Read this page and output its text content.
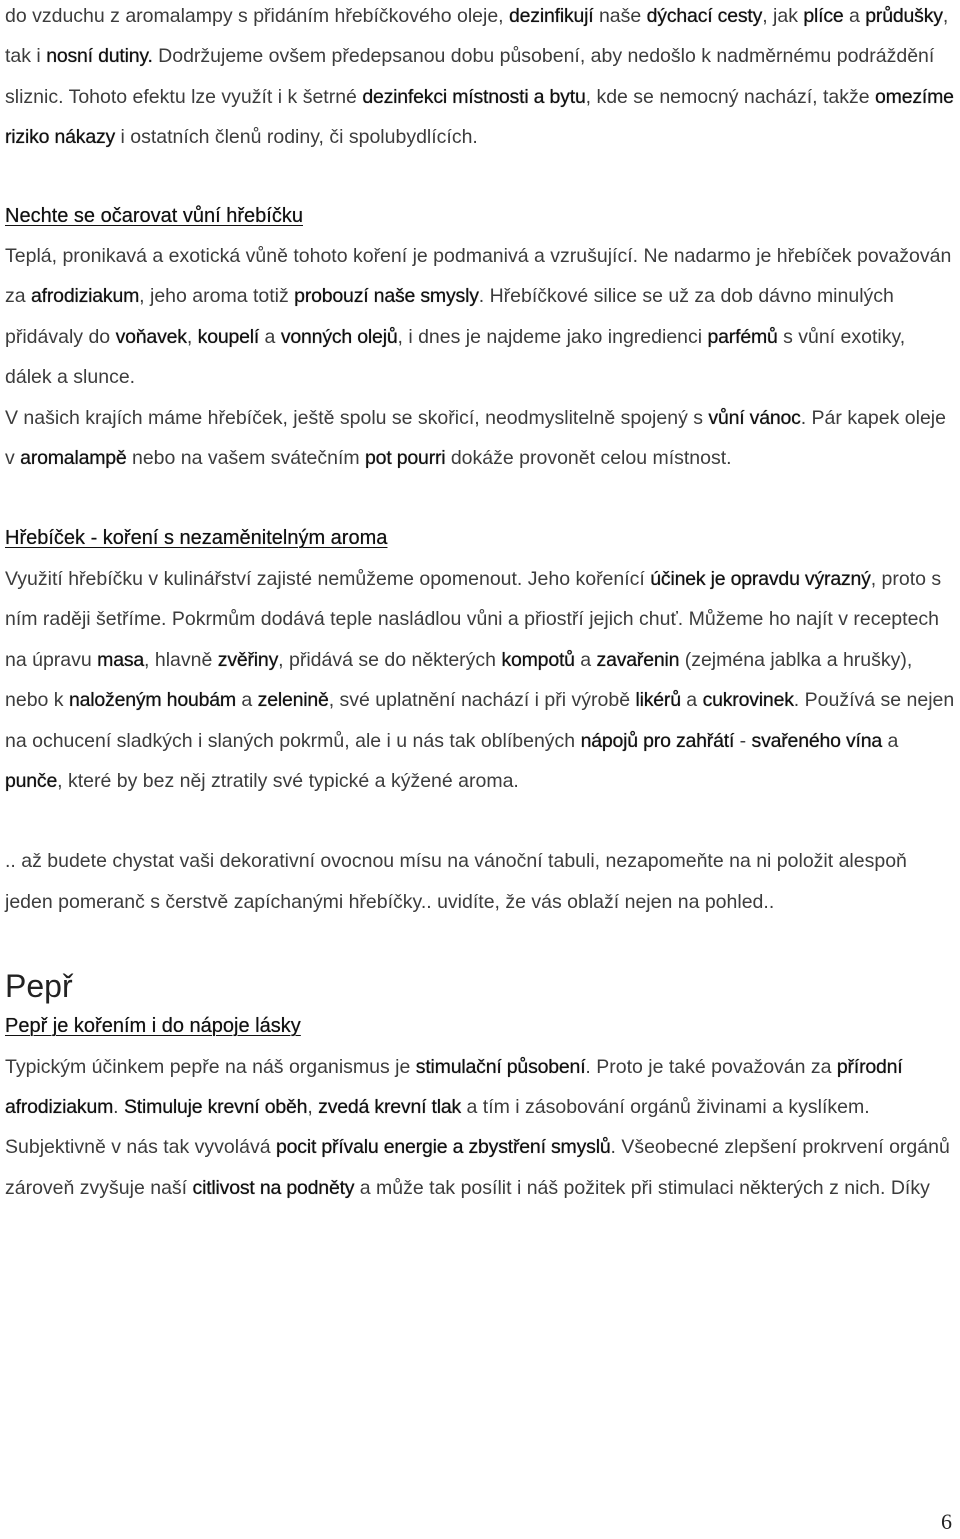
do vzduchu z aromalampy s přidáním hřebíčkového oleje, dezinfikují naše dýchací cesty, jak plíce a průdušky, tak i nosní dutiny. Dodržujeme ovšem předepsanou dobu působení, aby nedošlo k nadměrnému podráždění sliznic. Tohoto efektu lze využít i k šetrné dezinfekci místnosti a bytu, kde se nemocný nachází, takže omezíme riziko nákazy i ostatních členů rodiny, či spolubydlících.

Nechte se očarovat vůní hřebíčku

Teplá, pronikavá a exotická vůně tohoto koření je podmanivá a vzrušující. Ne nadarmo je hřebíček považován za afrodiziakum, jeho aroma totiž probouzí naše smysly. Hřebíčkové silice se už za dob dávno minulých přidávaly do voňavek, koupelí a vonných olejů, i dnes je najdeme jako ingredienci parfémů s vůní exotiky, dálek a slunce.
V našich krajích máme hřebíček, ještě spolu se skořicí, neodmyslitelně spojený s vůní vánoc. Pár kapek oleje v aromalampě nebo na vašem svátečním pot pourri dokáže provonět celou místnost.

Hřebíček - koření s nezaměnitelným aroma

Využití hřebíčku v kulinářství zajisté nemůžeme opomenout. Jeho kořenící účinek je opravdu výrazný, proto s ním raději šetříme. Pokrmům dodává teple nasládlou vůni a přiostří jejich chuť. Můžeme ho najít v receptech na úpravu masa, hlavně zvěřiny, přidává se do některých kompotů a zavařenin (zejména jablka a hrušky), nebo k naloženým houbám a zelenině, své uplatnění nachází i při výrobě likérů a cukrovinek. Používá se nejen na ochucení sladkých i slaných pokrmů, ale i u nás tak oblíbených nápojů pro zahřátí - svařeného vína a punče, které by bez něj ztratily své typické a kýžené aroma.

.. až budete chystat vaši dekorativní ovocnou mísu na vánoční tabuli, nezapomeňte na ni položit alespoň jeden pomeranč s čerstvě zapíchanými hřebíčky.. uvidíte, že vás oblaží nejen na pohled..

Pepř
Pepř je kořením i do nápoje lásky

Typickým účinkem pepře na náš organismus je stimulační působení. Proto je také považován za přírodní afrodiziakum. Stimuluje krevní oběh, zvedá krevní tlak a tím i zásobování orgánů živinami a kyslíkem. Subjektivně v nás tak vyvolává pocit přívalu energie a zbystření smyslů. Všeobecné zlepšení prokrvení orgánů zároveň zvyšuje naší citlivost na podněty a může tak posílit i náš požitek při stimulaci některých z nich. Díky

6
